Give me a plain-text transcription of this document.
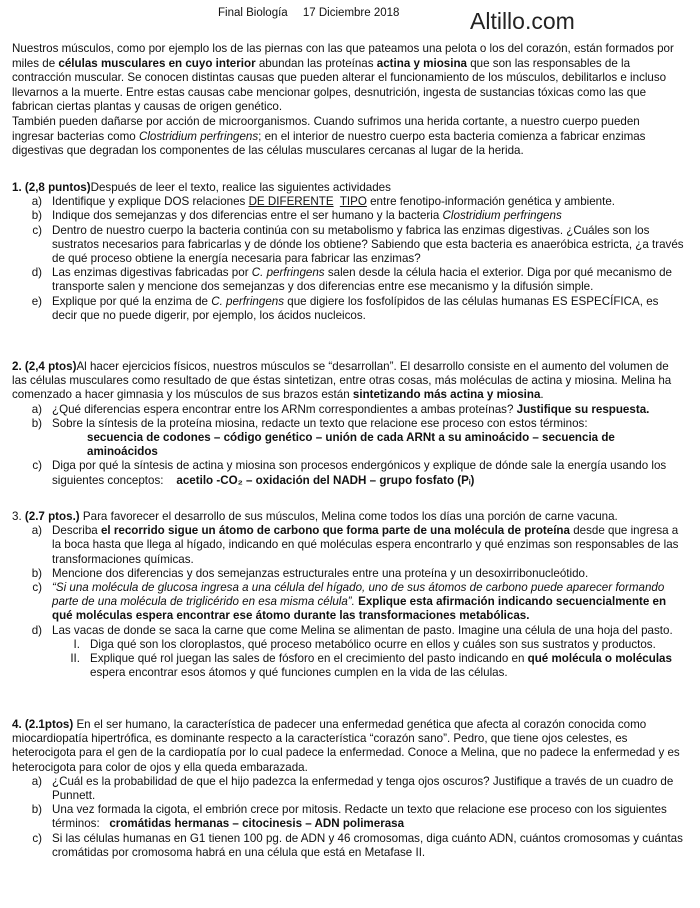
Final Biología 17 Diciembre 2018	Altillo.com

Nuestros músculos, como por ejemplo los de las piernas con las que pateamos una pelota o los del corazón, están formados por miles de células musculares en cuyo interior abundan las proteínas actina y miosina que son las responsables de la contracción muscular. Se conocen distintas causas que pueden alterar el funcionamiento de los músculos, debilitarlos e incluso llevarnos a la muerte. Entre estas causas cabe mencionar golpes, desnutrición, ingesta de sustancias tóxicas como las que fabrican ciertas plantas y causas de origen genético.

También pueden dañarse por acción de microorganismos. Cuando sufrimos una herida cortante, a nuestro cuerpo pueden ingresar bacterias como Clostridium perfringens; en el interior de nuestro cuerpo esta bacteria comienza a fabricar enzimas digestivas que degradan los componentes de las células musculares cercanas al lugar de la herida.

1. (2,8 puntos)Después de leer el texto, realice las siguientes actividades

a) Identifique y explique DOS relaciones DE DIFERENTE TIPO entre fenotipo-información genética y ambiente.
b) Indique dos semejanzas y dos diferencias entre el ser humano y la bacteria Clostridium perfringens
c) Dentro de nuestro cuerpo la bacteria continúa con su metabolismo y fabrica las enzimas digestivas. ¿Cuáles son los sustratos necesarios para fabricarlas y de dónde los obtiene? Sabiendo que esta bacteria es anaeróbica estricta, ¿a través de qué proceso obtiene la energía necesaria para fabricar las enzimas?
d) Las enzimas digestivas fabricadas por C. perfringens salen desde la célula hacia el exterior. Diga por qué mecanismo de transporte salen y mencione dos semejanzas y dos diferencias entre ese mecanismo y la difusión simple.
e) Explique por qué la enzima de C. perfringens que digiere los fosfolípidos de las células humanas ES ESPECÍFICA, es decir que no puede digerir, por ejemplo, los ácidos nucleicos.

2. (2,4 ptos)Al hacer ejercicios físicos, nuestros músculos se “desarrollan”. El desarrollo consiste en el aumento del volumen de las células musculares como resultado de que éstas sintetizan, entre otras cosas, más moléculas de actina y miosina. Melina ha comenzado a hacer gimnasia y los músculos de sus brazos están sintetizando más actina y miosina.

a) ¿Qué diferencias espera encontrar entre los ARNm correspondientes a ambas proteínas? Justifique su respuesta.
b) Sobre la síntesis de la proteína miosina, redacte un texto que relacione ese proceso con estos términos:

secuencia de codones – código genético – unión de cada ARNt a su aminoácido – secuencia de aminoácidos
c) Diga por qué la síntesis de actina y miosina son procesos endergónicos y explique de dónde sale la energía usando los siguientes conceptos: acetilo -CO₂ – oxidación del NADH – grupo fosfato (Pᵢ)

3. (2.7 ptos.) Para favorecer el desarrollo de sus músculos, Melina come todos los días una porción de carne vacuna.

a) Describa el recorrido sigue un átomo de carbono que forma parte de una molécula de proteína desde que ingresa a la boca hasta que llega al hígado, indicando en qué moléculas espera encontrarlo y qué enzimas son responsables de las transformaciones químicas.
b) Mencione dos diferencias y dos semejanzas estructurales entre una proteína y un desoxirribonucleótido.
c) “Si una molécula de glucosa ingresa a una célula del hígado, uno de sus átomos de carbono puede aparecer formando parte de una molécula de triglicérido en esa misma célula”. Explique esta afirmación indicando secuencialmente en qué moléculas espera encontrar ese átomo durante las transformaciones metabólicas.
d) Las vacas de donde se saca la carne que come Melina se alimentan de pasto. Imagine una célula de una hoja del pasto.
I. Diga qué son los cloroplastos, qué proceso metabólico ocurre en ellos y cuáles son sus sustratos y productos.
II. Explique qué rol juegan las sales de fósforo en el crecimiento del pasto indicando en qué molécula o moléculas espera encontrar esos átomos y qué funciones cumplen en la vida de las células.

4. (2.1ptos) En el ser humano, la característica de padecer una enfermedad genética que afecta al corazón conocida como miocardiopatía hipertrófica, es dominante respecto a la característica “corazón sano”. Pedro, que tiene ojos celestes, es heterocigota para el gen de la cardiopatía por lo cual padece la enfermedad. Conoce a Melina, que no padece la enfermedad y es heterocigota para color de ojos y ella queda embarazada.

a) ¿Cuál es la probabilidad de que el hijo padezca la enfermedad y tenga ojos oscuros? Justifique a través de un cuadro de Punnett.
b) Una vez formada la cigota, el embrión crece por mitosis. Redacte un texto que relacione ese proceso con los siguientes términos: cromátidas hermanas – citocinesis – ADN polimerasa
c) Si las células humanas en G1 tienen 100 pg. de ADN y 46 cromosomas, diga cuánto ADN, cuántos cromosomas y cuántas cromátidas por cromosoma habrá en una célula que está en Metafase II.
